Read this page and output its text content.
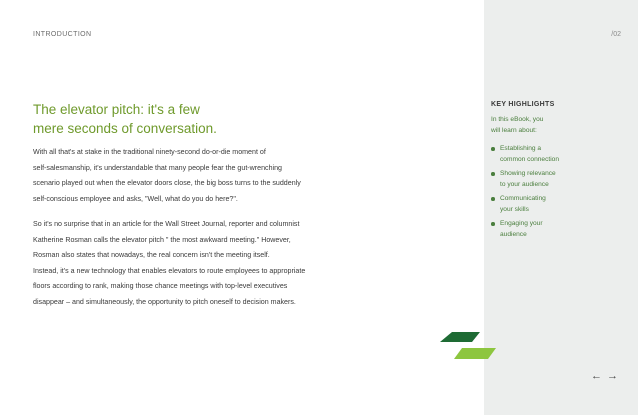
INTRODUCTION	/02
The elevator pitch: it's a few
mere seconds of conversation.

With all that's at stake in the traditional ninety-second do-or-die moment of
self-salesmanship, it's understandable that many people fear the gut-wrenching
scenario played out when the elevator doors close, the big boss turns to the suddenly
self-conscious employee and asks, "Well, what do you do here?".

So it's no surprise that in an article for the Wall Street Journal, reporter and columnist
Katherine Rosman calls the elevator pitch " the most awkward meeting." However,
Rosman also states that nowadays, the real concern isn't the meeting itself.
Instead, it's a new technology that enables elevators to route employees to appropriate
floors according to rank, making those chance meetings with top-level executives
disappear – and simultaneously, the opportunity to pitch oneself to decision makers.

KEY HIGHLIGHTS
In this eBook, you
will learn about:
Establishing a
common connection
Showing relevance
to your audience
Communicating
your skills
Engaging your
audience
← →
